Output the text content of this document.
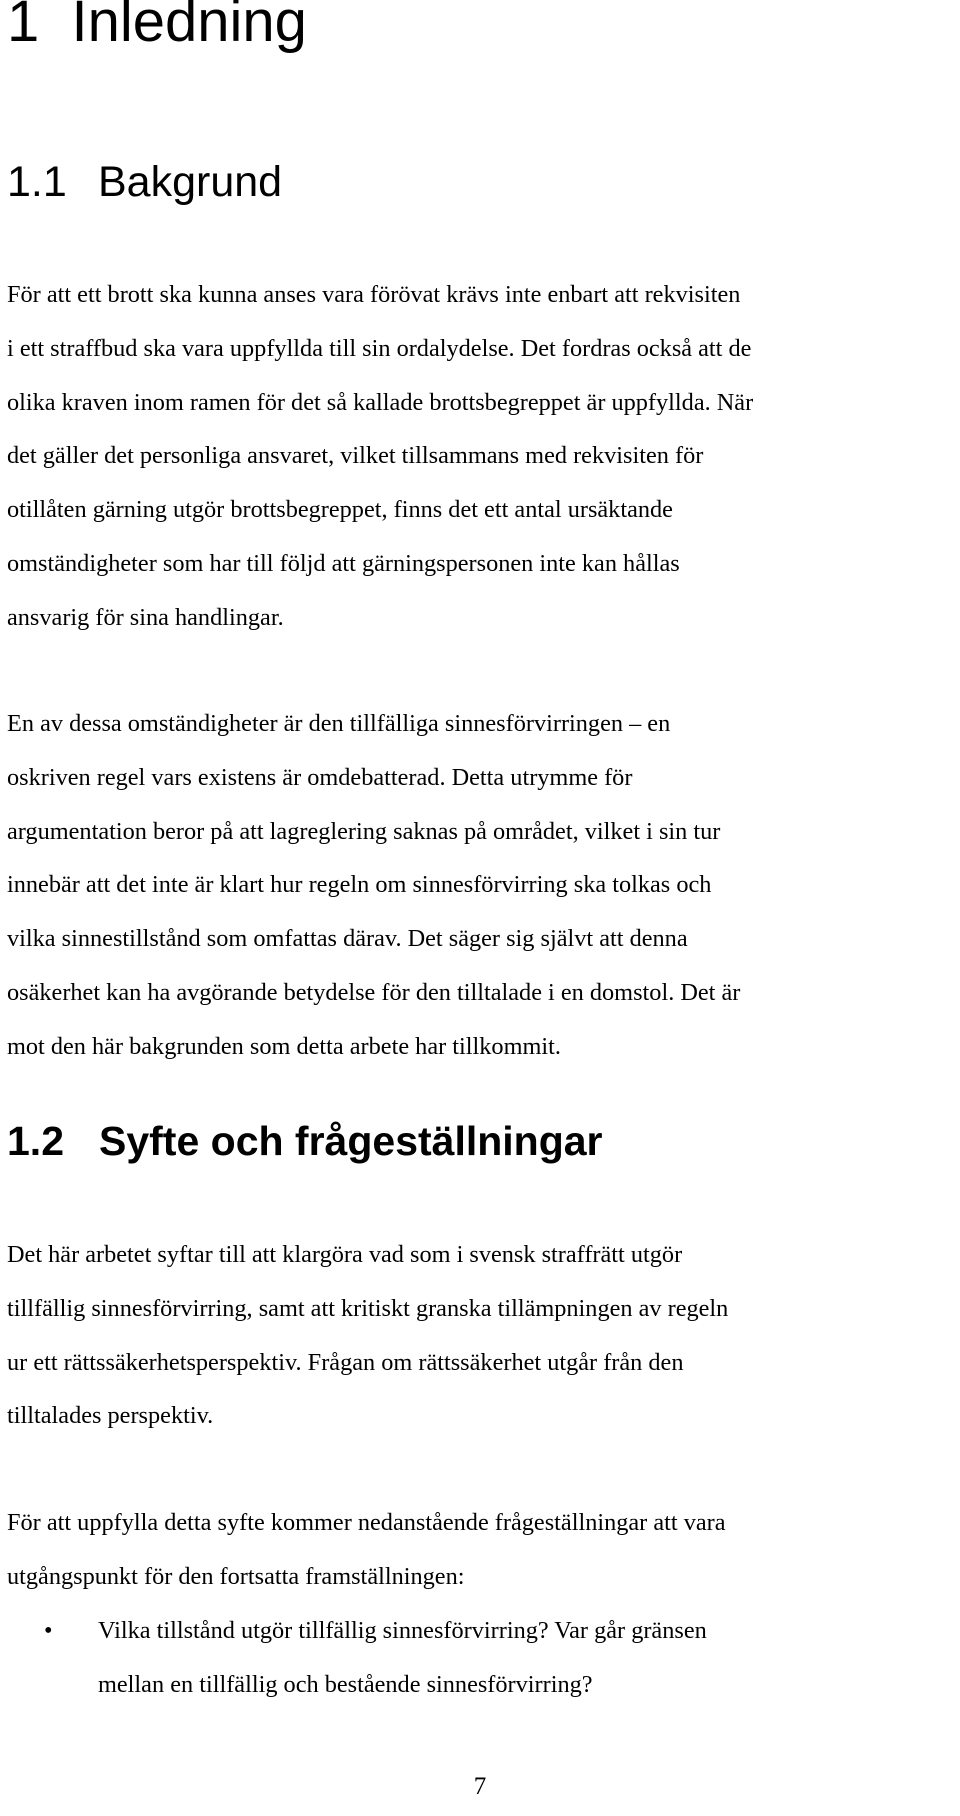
1 Inledning
1.1 Bakgrund

För att ett brott ska kunna anses vara förövat krävs inte enbart att rekvisiten
i ett straffbud ska vara uppfyllda till sin ordalydelse. Det fordras också att de
olika kraven inom ramen för det så kallade brottsbegreppet är uppfyllda. När
det gäller det personliga ansvaret, vilket tillsammans med rekvisiten för
otillåten gärning utgör brottsbegreppet, finns det ett antal ursäktande
omständigheter som har till följd att gärningspersonen inte kan hållas
ansvarig för sina handlingar.

En av dessa omständigheter är den tillfälliga sinnesförvirringen – en
oskriven regel vars existens är omdebatterad. Detta utrymme för
argumentation beror på att lagreglering saknas på området, vilket i sin tur
innebär att det inte är klart hur regeln om sinnesförvirring ska tolkas och
vilka sinnestillstånd som omfattas därav. Det säger sig självt att denna
osäkerhet kan ha avgörande betydelse för den tilltalade i en domstol. Det är
mot den här bakgrunden som detta arbete har tillkommit.

1.2 Syfte och frågeställningar

Det här arbetet syftar till att klargöra vad som i svensk straffrätt utgör
tillfällig sinnesförvirring, samt att kritiskt granska tillämpningen av regeln
ur ett rättssäkerhetsperspektiv. Frågan om rättssäkerhet utgår från den
tilltalades perspektiv.

För att uppfylla detta syfte kommer nedanstående frågeställningar att vara
utgångspunkt för den fortsatta framställningen:

• Vilka tillstånd utgör tillfällig sinnesförvirring? Var går gränsen
mellan en tillfällig och bestående sinnesförvirring?
7
